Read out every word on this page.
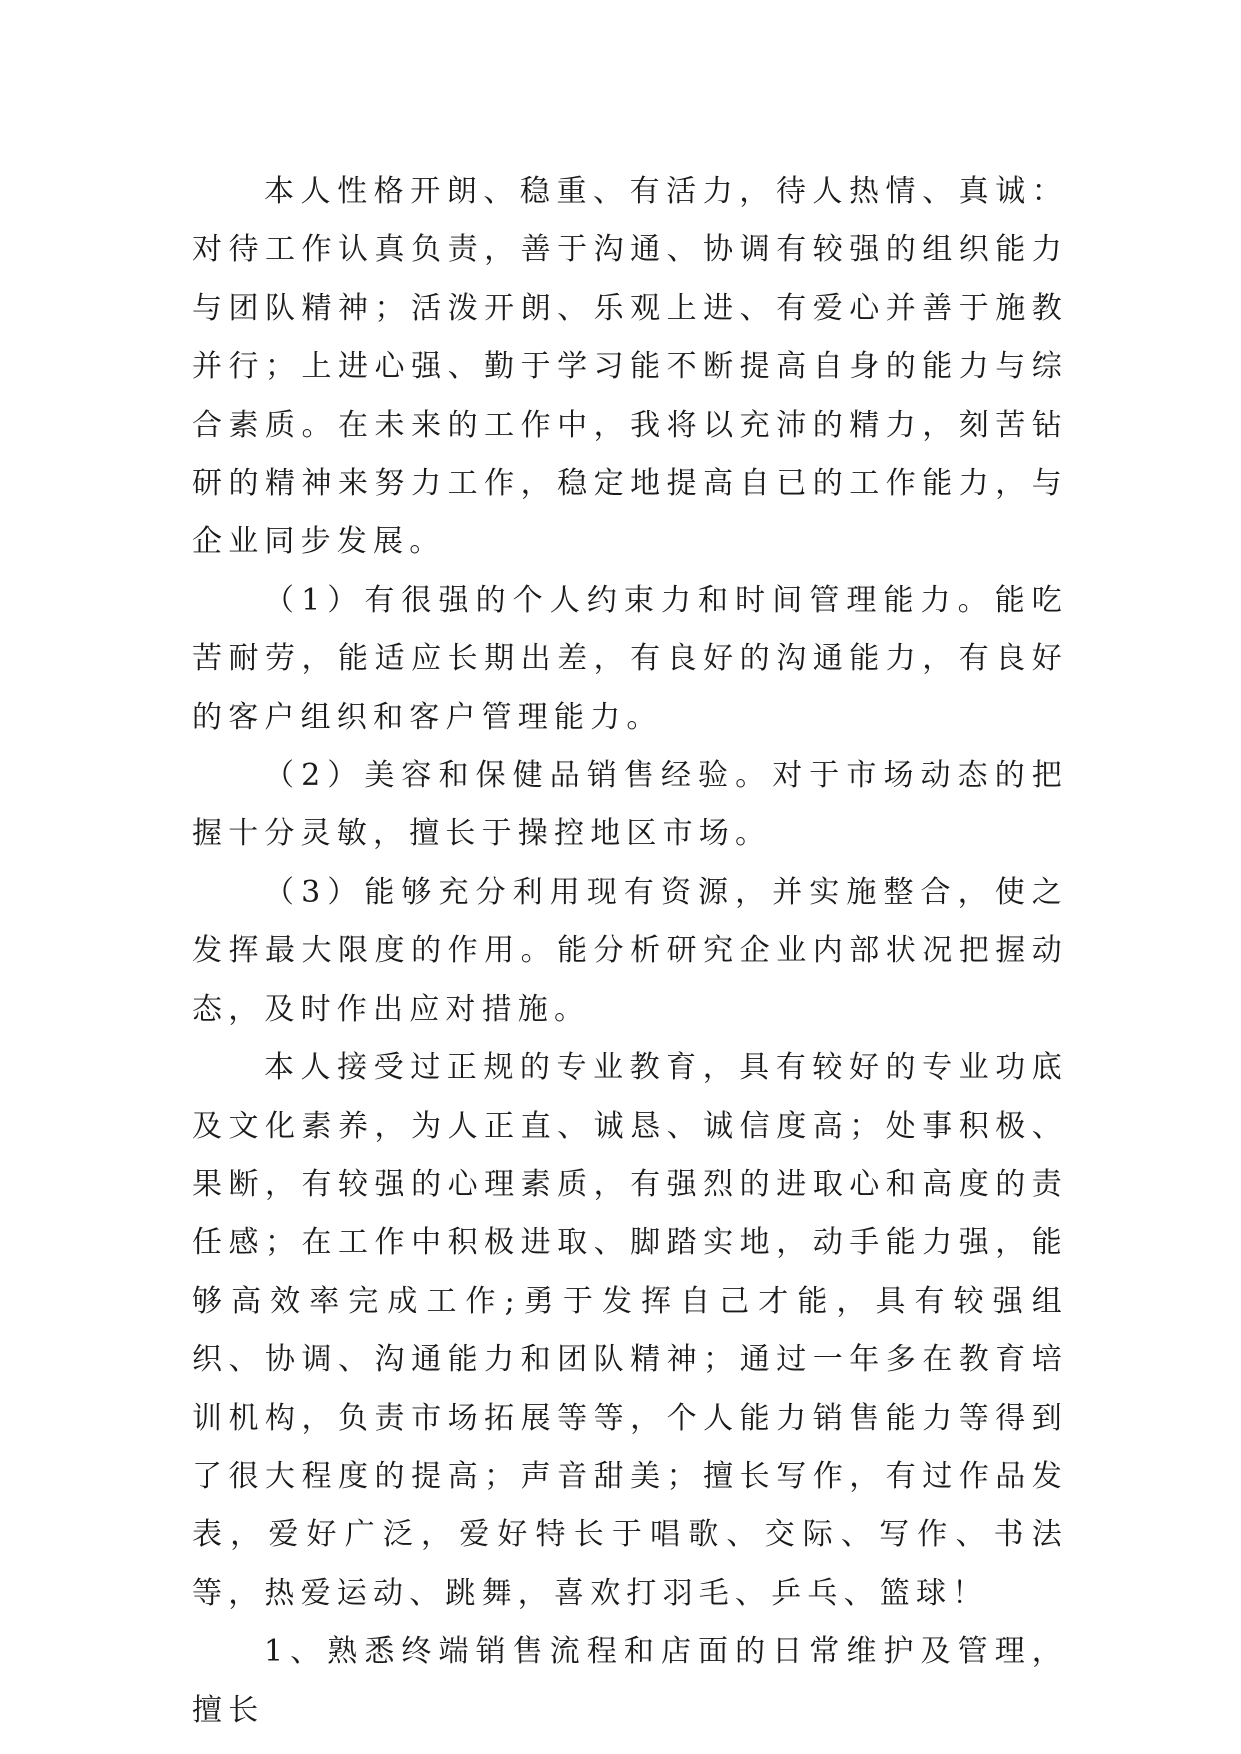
本人性格开朗、稳重、有活力，待人热情、真诚：对待工作认真负责，善于沟通、协调有较强的组织能力与团队精神；活泼开朗、乐观上进、有爱心并善于施教并行；上进心强、勤于学习能不断提高自身的能力与综合素质。在未来的工作中，我将以充沛的精力，刻苦钻研的精神来努力工作，稳定地提高自已的工作能力，与企业同步发展。

（1）有很强的个人约束力和时间管理能力。能吃苦耐劳，能适应长期出差，有良好的沟通能力，有良好的客户组织和客户管理能力。

（2）美容和保健品销售经验。对于市场动态的把握十分灵敏，擅长于操控地区市场。

（3）能够充分利用现有资源，并实施整合，使之发挥最大限度的作用。能分析研究企业内部状况把握动态，及时作出应对措施。

本人接受过正规的专业教育，具有较好的专业功底及文化素养，为人正直、诚恳、诚信度高；处事积极、果断，有较强的心理素质，有强烈的进取心和高度的责任感；在工作中积极进取、脚踏实地，动手能力强，能够高效率完成工作;勇于发挥自己才能，具有较强组织、协调、沟通能力和团队精神；通过一年多在教育培训机构，负责市场拓展等等，个人能力销售能力等得到了很大程度的提高；声音甜美；擅长写作，有过作品发表，爱好广泛，爱好特长于唱歌、交际、写作、书法等，热爱运动、跳舞，喜欢打羽毛、乒乓、篮球！

1、熟悉终端销售流程和店面的日常维护及管理，擅长
